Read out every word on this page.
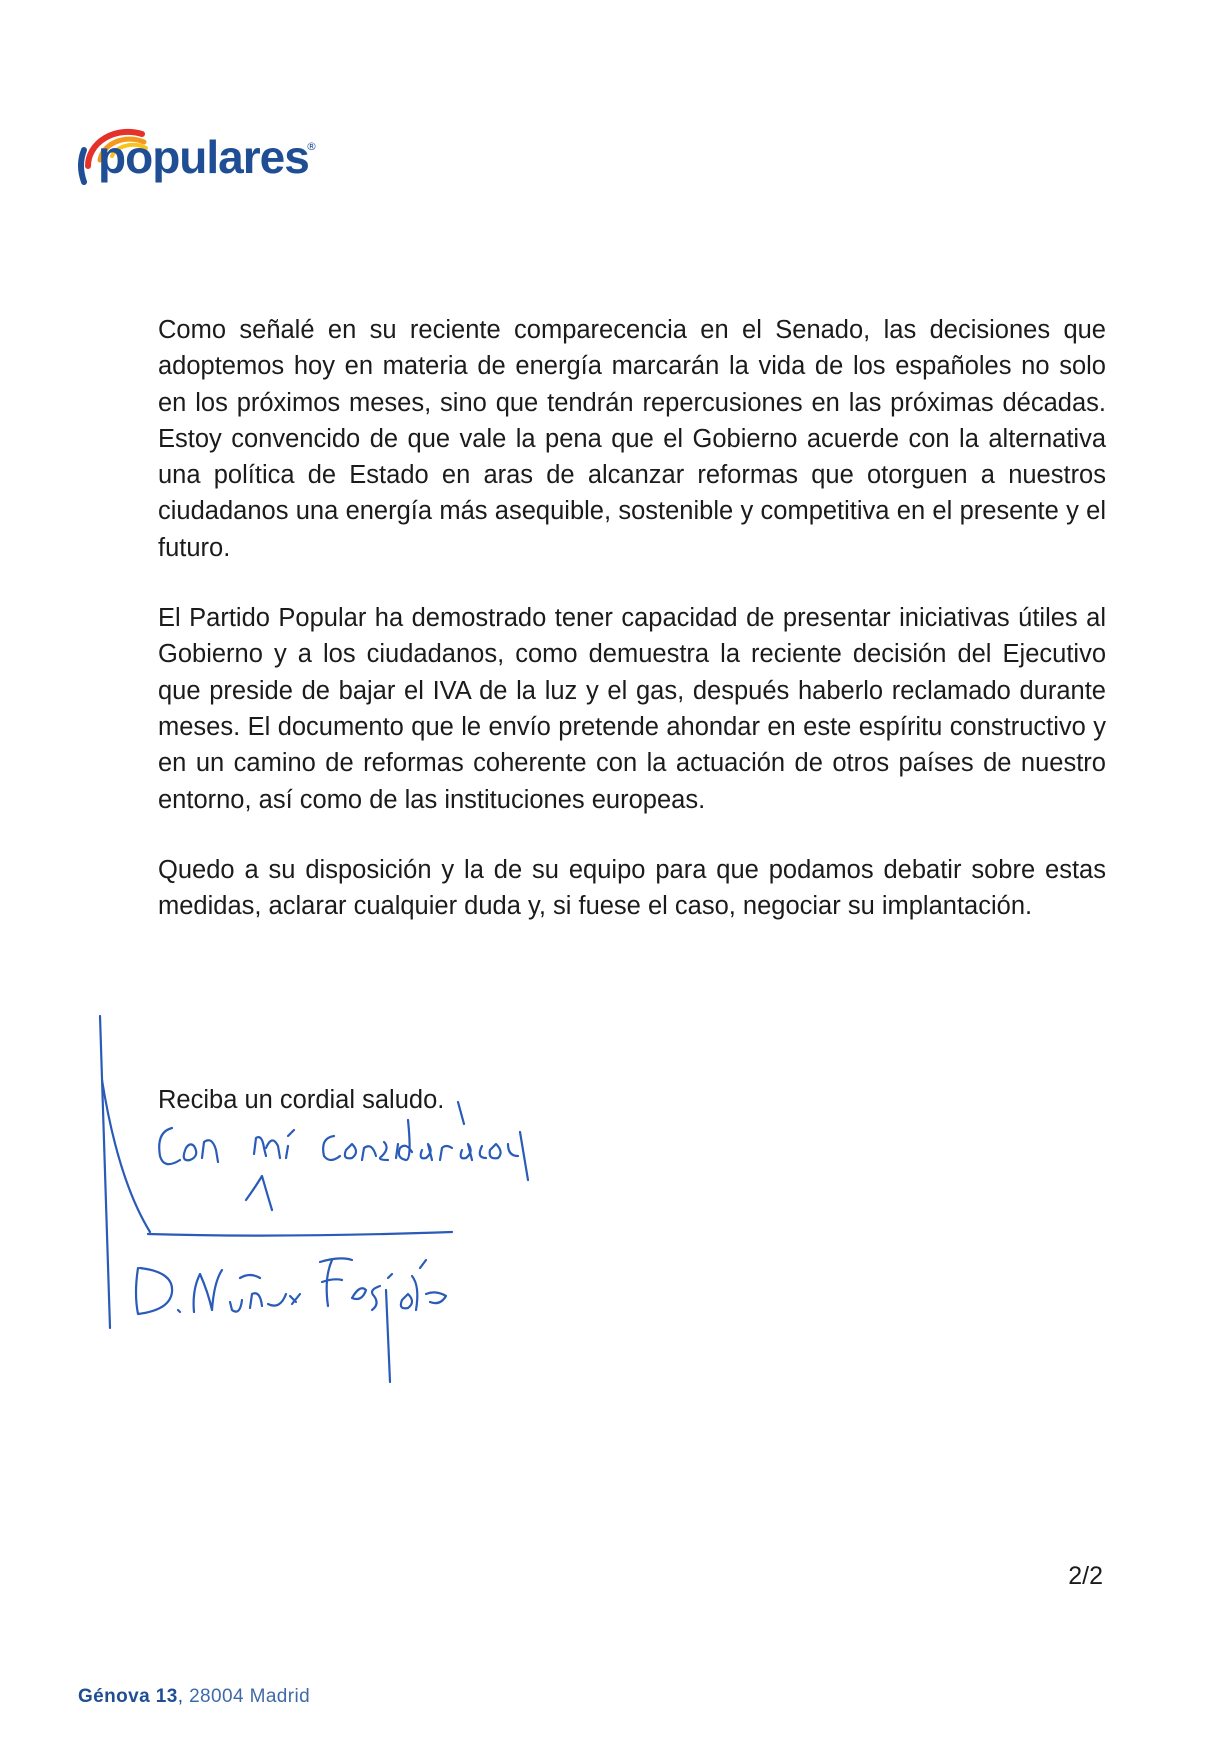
populares
®

Como señalé en su reciente comparecencia en el Senado, las decisiones que adoptemos hoy en materia de energía marcarán la vida de los españoles no solo en los próximos meses, sino que tendrán repercusiones en las próximas décadas. Estoy convencido de que vale la pena que el Gobierno acuerde con la alternativa una política de Estado en aras de alcanzar reformas que otorguen a nuestros ciudadanos una energía más asequible, sostenible y competitiva en el presente y el futuro.

El Partido Popular ha demostrado tener capacidad de presentar iniciativas útiles al Gobierno y a los ciudadanos, como demuestra la reciente decisión del Ejecutivo que preside de bajar el IVA de la luz y el gas, después haberlo reclamado durante meses. El documento que le envío pretende ahondar en este espíritu constructivo y en un camino de reformas coherente con la actuación de otros países de nuestro entorno, así como de las instituciones europeas.

Quedo a su disposición y la de su equipo para que podamos debatir sobre estas medidas, aclarar cualquier duda y, si fuese el caso, negociar su implantación.

Reciba un cordial saludo.
2/2
Génova 13, 28004 Madrid
